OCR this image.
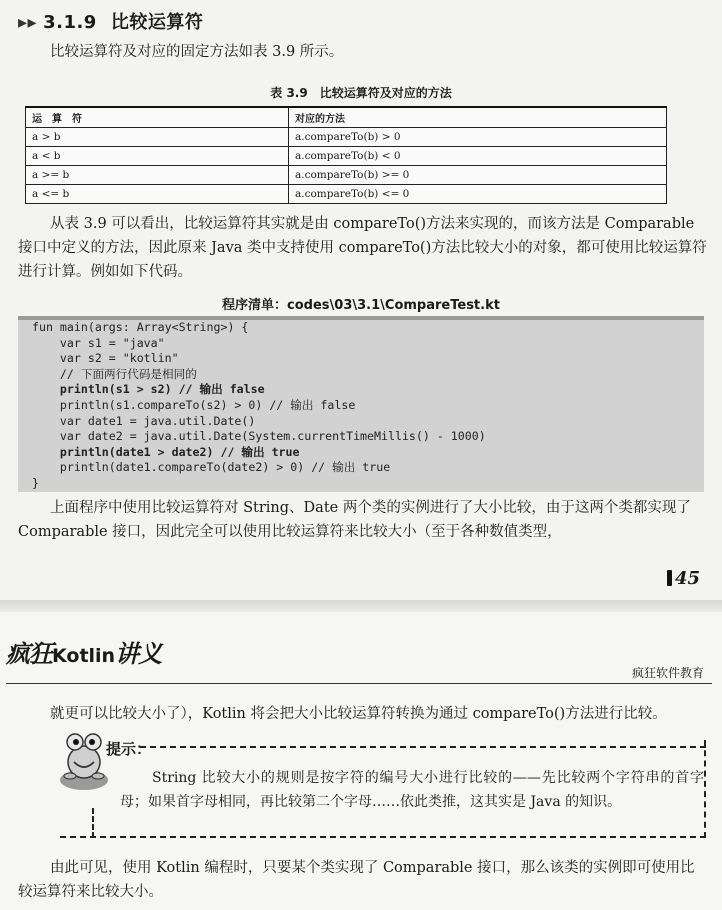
▸▸ 3.1.9 比较运算符
比较运算符及对应的固定方法如表 3.9 所示。
表 3.9　比较运算符及对应的方法
运　算　符	对应的方法
a > b	a.compareTo(b) > 0
a < b	a.compareTo(b) < 0
a >= b	a.compareTo(b) >= 0
a <= b	a.compareTo(b) <= 0
从表 3.9 可以看出，比较运算符其实就是由 compareTo()方法来实现的，而该方法是 Comparable 接口中定义的方法，因此原来 Java 类中支持使用 compareTo()方法比较大小的对象，都可使用比较运算符进行计算。例如如下代码。
程序清单：codes\03\3.1\CompareTest.kt
fun main(args: Array<String>) {
var s1 = "java"
var s2 = "kotlin"
// 下面两行代码是相同的
println(s1 > s2) // 输出 false
println(s1.compareTo(s2) > 0) // 输出 false
var date1 = java.util.Date()
var date2 = java.util.Date(System.currentTimeMillis() - 1000)
println(date1 > date2) // 输出 true
println(date1.compareTo(date2) > 0) // 输出 true
}
上面程序中使用比较运算符对 String、Date 两个类的实例进行了大小比较，由于这两个类都实现了 Comparable 接口，因此完全可以使用比较运算符来比较大小（至于各种数值类型，
45
疯狂Kotlin讲义
疯狂软件教育
就更可以比较大小了），Kotlin 将会把大小比较运算符转换为通过 compareTo()方法进行比较。
提示：
String 比较大小的规则是按字符的编号大小进行比较的——先比较两个字符串的首字母；如果首字母相同，再比较第二个字母……依此类推，这其实是 Java 的知识。
由此可见，使用 Kotlin 编程时，只要某个类实现了 Comparable 接口，那么该类的实例即可使用比较运算符来比较大小。
